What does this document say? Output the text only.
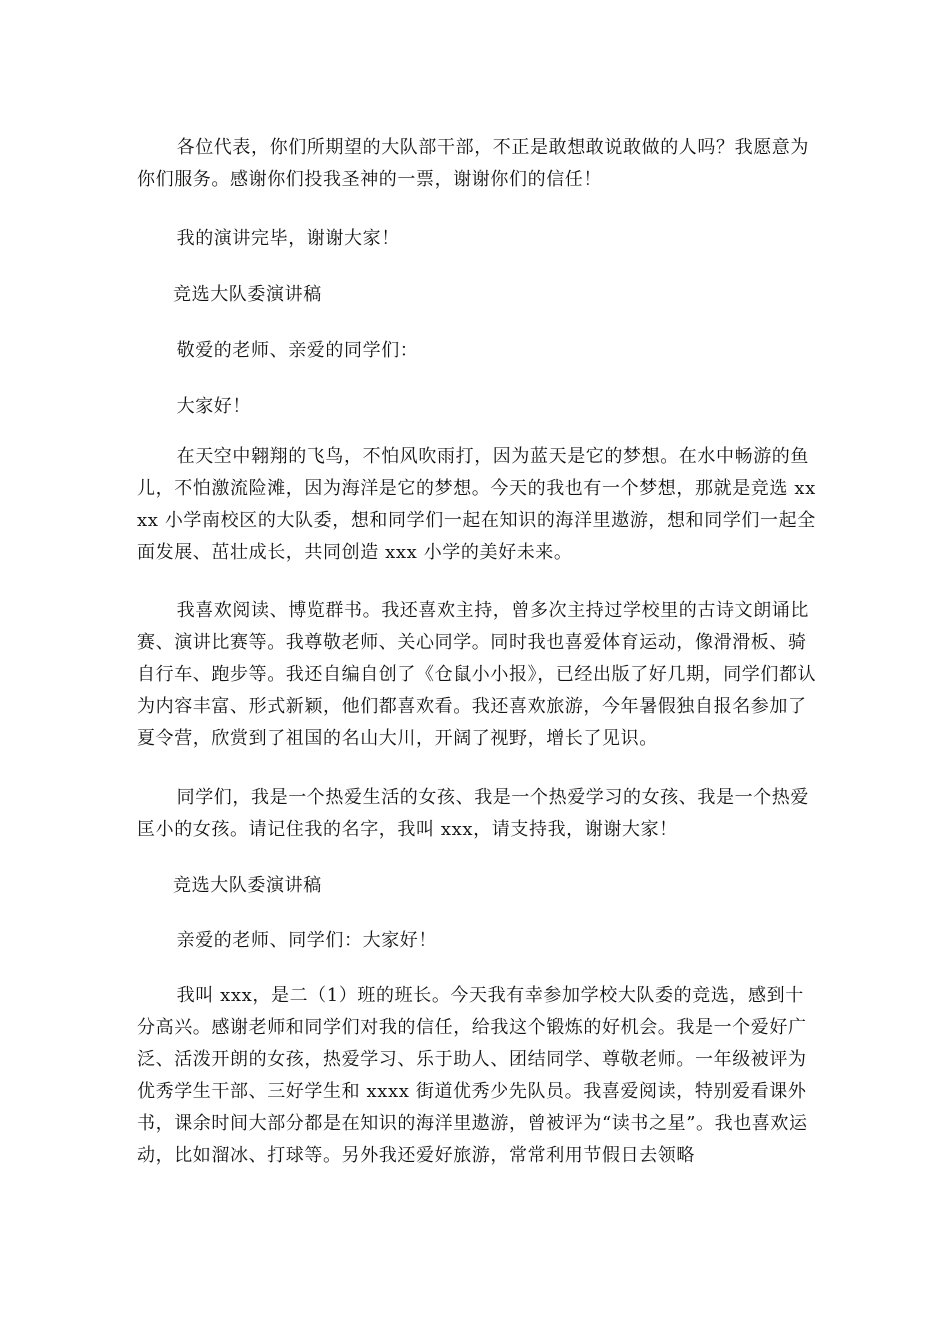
各位代表，你们所期望的大队部干部，不正是敢想敢说敢做的人吗？我愿意为你们服务。感谢你们投我圣神的一票，谢谢你们的信任！

我的演讲完毕，谢谢大家！

竞选大队委演讲稿

敬爱的老师、亲爱的同学们：

大家好！

在天空中翱翔的飞鸟，不怕风吹雨打，因为蓝天是它的梦想。在水中畅游的鱼儿，不怕激流险滩，因为海洋是它的梦想。今天的我也有一个梦想，那就是竞选 xxxx 小学南校区的大队委，想和同学们一起在知识的海洋里遨游，想和同学们一起全面发展、茁壮成长，共同创造 xxx 小学的美好未来。

我喜欢阅读、博览群书。我还喜欢主持，曾多次主持过学校里的古诗文朗诵比赛、演讲比赛等。我尊敬老师、关心同学。同时我也喜爱体育运动，像滑滑板、骑自行车、跑步等。我还自编自创了《仓鼠小小报》，已经出版了好几期，同学们都认为内容丰富、形式新颖，他们都喜欢看。我还喜欢旅游，今年暑假独自报名参加了夏令营，欣赏到了祖国的名山大川，开阔了视野，增长了见识。

同学们，我是一个热爱生活的女孩、我是一个热爱学习的女孩、我是一个热爱匡小的女孩。请记住我的名字，我叫 xxx，请支持我，谢谢大家！

竞选大队委演讲稿

亲爱的老师、同学们：大家好！

我叫 xxx，是二（1）班的班长。今天我有幸参加学校大队委的竞选，感到十分高兴。感谢老师和同学们对我的信任，给我这个锻炼的好机会。我是一个爱好广泛、活泼开朗的女孩，热爱学习、乐于助人、团结同学、尊敬老师。一年级被评为优秀学生干部、三好学生和 xxxx 街道优秀少先队员。我喜爱阅读，特别爱看课外书，课余时间大部分都是在知识的海洋里遨游，曾被评为“读书之星”。我也喜欢运动，比如溜冰、打球等。另外我还爱好旅游，常常利用节假日去领略
